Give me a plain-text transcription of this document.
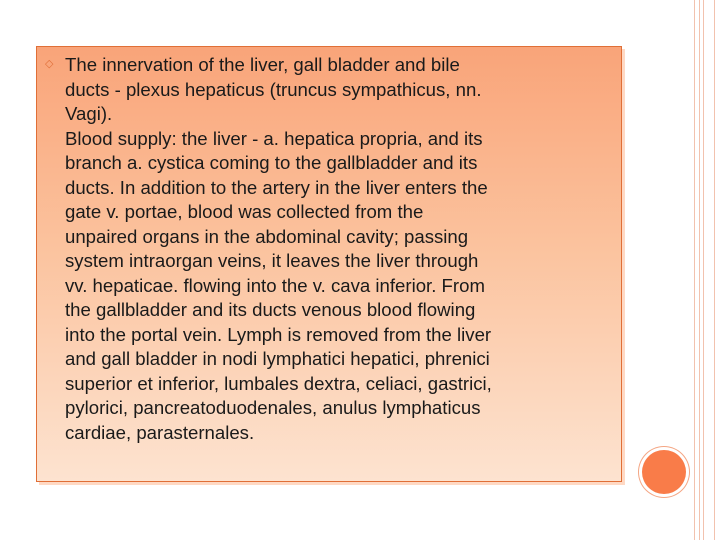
◇ The innervation of the liver, gall bladder and bile
ducts - plexus hepaticus (truncus sympathicus, nn.
Vagi).
Blood supply: the liver - a. hepatica propria, and its
branch a. cystica coming to the gallbladder and its
ducts. In addition to the artery in the liver enters the
gate v. portae, blood was collected from the
unpaired organs in the abdominal cavity; passing
system intraorgan veins, it leaves the liver through
vv. hepaticae. flowing into the v. cava inferior. From
the gallbladder and its ducts venous blood flowing
into the portal vein. Lymph is removed from the liver
and gall bladder in nodi lymphatici hepatici, phrenici
superior et inferior, lumbales dextra, celiaci, gastrici,
pylorici, pancreatoduodenales, anulus lymphaticus
cardiae, parasternales.
